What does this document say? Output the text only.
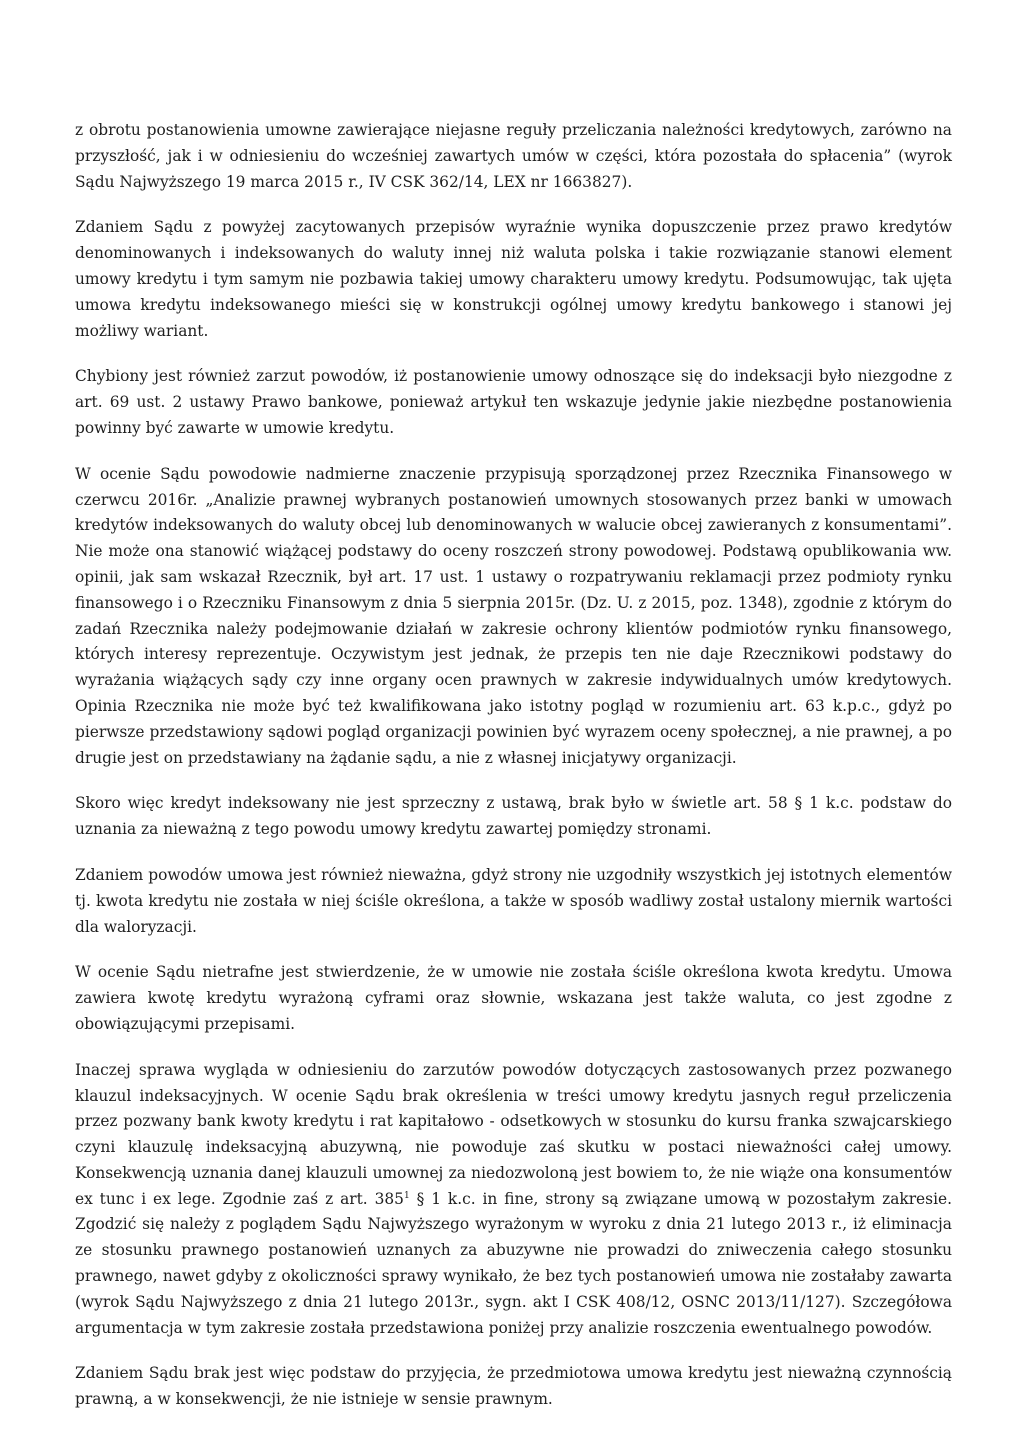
z obrotu postanowienia umowne zawierające niejasne reguły przeliczania należności kredytowych, zarówno na przyszłość, jak i w odniesieniu do wcześniej zawartych umów w części, która pozostała do spłacenia” (wyrok Sądu Najwyższego 19 marca 2015 r., IV CSK 362/14, LEX nr 1663827).

Zdaniem Sądu z powyżej zacytowanych przepisów wyraźnie wynika dopuszczenie przez prawo kredytów denominowanych i indeksowanych do waluty innej niż waluta polska i takie rozwiązanie stanowi element umowy kredytu i tym samym nie pozbawia takiej umowy charakteru umowy kredytu. Podsumowując, tak ujęta umowa kredytu indeksowanego mieści się w konstrukcji ogólnej umowy kredytu bankowego i stanowi jej możliwy wariant.

Chybiony jest również zarzut powodów, iż postanowienie umowy odnoszące się do indeksacji było niezgodne z art. 69 ust. 2 ustawy Prawo bankowe, ponieważ artykuł ten wskazuje jedynie jakie niezbędne postanowienia powinny być zawarte w umowie kredytu.

W ocenie Sądu powodowie nadmierne znaczenie przypisują sporządzonej przez Rzecznika Finansowego w czerwcu 2016r. „Analizie prawnej wybranych postanowień umownych stosowanych przez banki w umowach kredytów indeksowanych do waluty obcej lub denominowanych w walucie obcej zawieranych z konsumentami”. Nie może ona stanowić wiążącej podstawy do oceny roszczeń strony powodowej. Podstawą opublikowania ww. opinii, jak sam wskazał Rzecznik, był art. 17 ust. 1 ustawy o rozpatrywaniu reklamacji przez podmioty rynku finansowego i o Rzeczniku Finansowym z dnia 5 sierpnia 2015r. (Dz. U. z 2015, poz. 1348), zgodnie z którym do zadań Rzecznika należy podejmowanie działań w zakresie ochrony klientów podmiotów rynku finansowego, których interesy reprezentuje. Oczywistym jest jednak, że przepis ten nie daje Rzecznikowi podstawy do wyrażania wiążących sądy czy inne organy ocen prawnych w zakresie indywidualnych umów kredytowych. Opinia Rzecznika nie może być też kwalifikowana jako istotny pogląd w rozumieniu art. 63 k.p.c., gdyż po pierwsze przedstawiony sądowi pogląd organizacji powinien być wyrazem oceny społecznej, a nie prawnej, a po drugie jest on przedstawiany na żądanie sądu, a nie z własnej inicjatywy organizacji.

Skoro więc kredyt indeksowany nie jest sprzeczny z ustawą, brak było w świetle art. 58 § 1 k.c. podstaw do uznania za nieważną z tego powodu umowy kredytu zawartej pomiędzy stronami.

Zdaniem powodów umowa jest również nieważna, gdyż strony nie uzgodniły wszystkich jej istotnych elementów tj. kwota kredytu nie została w niej ściśle określona, a także w sposób wadliwy został ustalony miernik wartości dla waloryzacji.

W ocenie Sądu nietrafne jest stwierdzenie, że w umowie nie została ściśle określona kwota kredytu. Umowa zawiera kwotę kredytu wyrażoną cyframi oraz słownie, wskazana jest także waluta, co jest zgodne z obowiązującymi przepisami.

Inaczej sprawa wygląda w odniesieniu do zarzutów powodów dotyczących zastosowanych przez pozwanego klauzul indeksacyjnych. W ocenie Sądu brak określenia w treści umowy kredytu jasnych reguł przeliczenia przez pozwany bank kwoty kredytu i rat kapitałowo - odsetkowych w stosunku do kursu franka szwajcarskiego czyni klauzulę indeksacyjną abuzywną, nie powoduje zaś skutku w postaci nieważności całej umowy. Konsekwencją uznania danej klauzuli umownej za niedozwoloną jest bowiem to, że nie wiąże ona konsumentów ex tunc i ex lege. Zgodnie zaś z art. $385^1$ § 1 k.c. in fine, strony są związane umową w pozostałym zakresie. Zgodzić się należy z poglądem Sądu Najwyższego wyrażonym w wyroku z dnia 21 lutego 2013 r., iż eliminacja ze stosunku prawnego postanowień uznanych za abuzywne nie prowadzi do zniweczenia całego stosunku prawnego, nawet gdyby z okoliczności sprawy wynikało, że bez tych postanowień umowa nie zostałaby zawarta (wyrok Sądu Najwyższego z dnia 21 lutego 2013r., sygn. akt I CSK 408/12, OSNC 2013/11/127). Szczegółowa argumentacja w tym zakresie została przedstawiona poniżej przy analizie roszczenia ewentualnego powodów.

Zdaniem Sądu brak jest więc podstaw do przyjęcia, że przedmiotowa umowa kredytu jest nieważną czynnością prawną, a w konsekwencji, że nie istnieje w sensie prawnym.
